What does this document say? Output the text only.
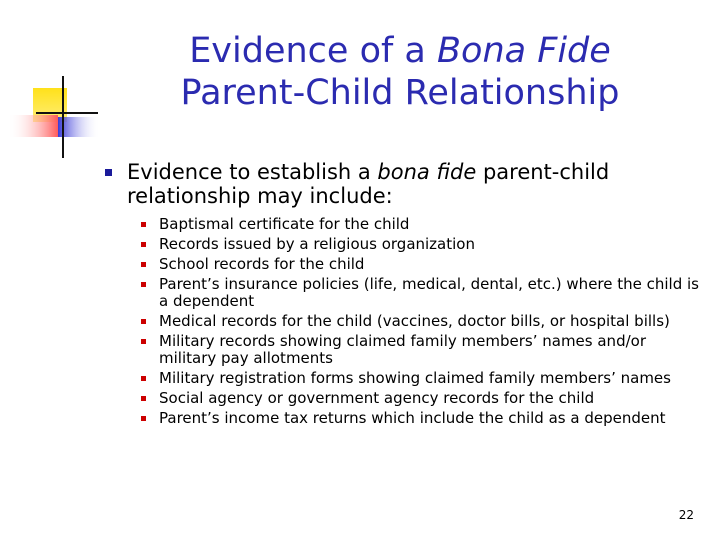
Evidence of a Bona Fide
Parent-Child Relationship
Evidence to establish a bona fide parent-child relationship may include:
Baptismal certificate for the child
Records issued by a religious organization
School records for the child
Parent’s insurance policies (life, medical, dental, etc.) where the child is a dependent
Medical records for the child (vaccines, doctor bills, or hospital bills)
Military records showing claimed family members’ names and/or military pay allotments
Military registration forms showing claimed family members’ names
Social agency or government agency records for the child
Parent’s income tax returns which include the child as a dependent
22
